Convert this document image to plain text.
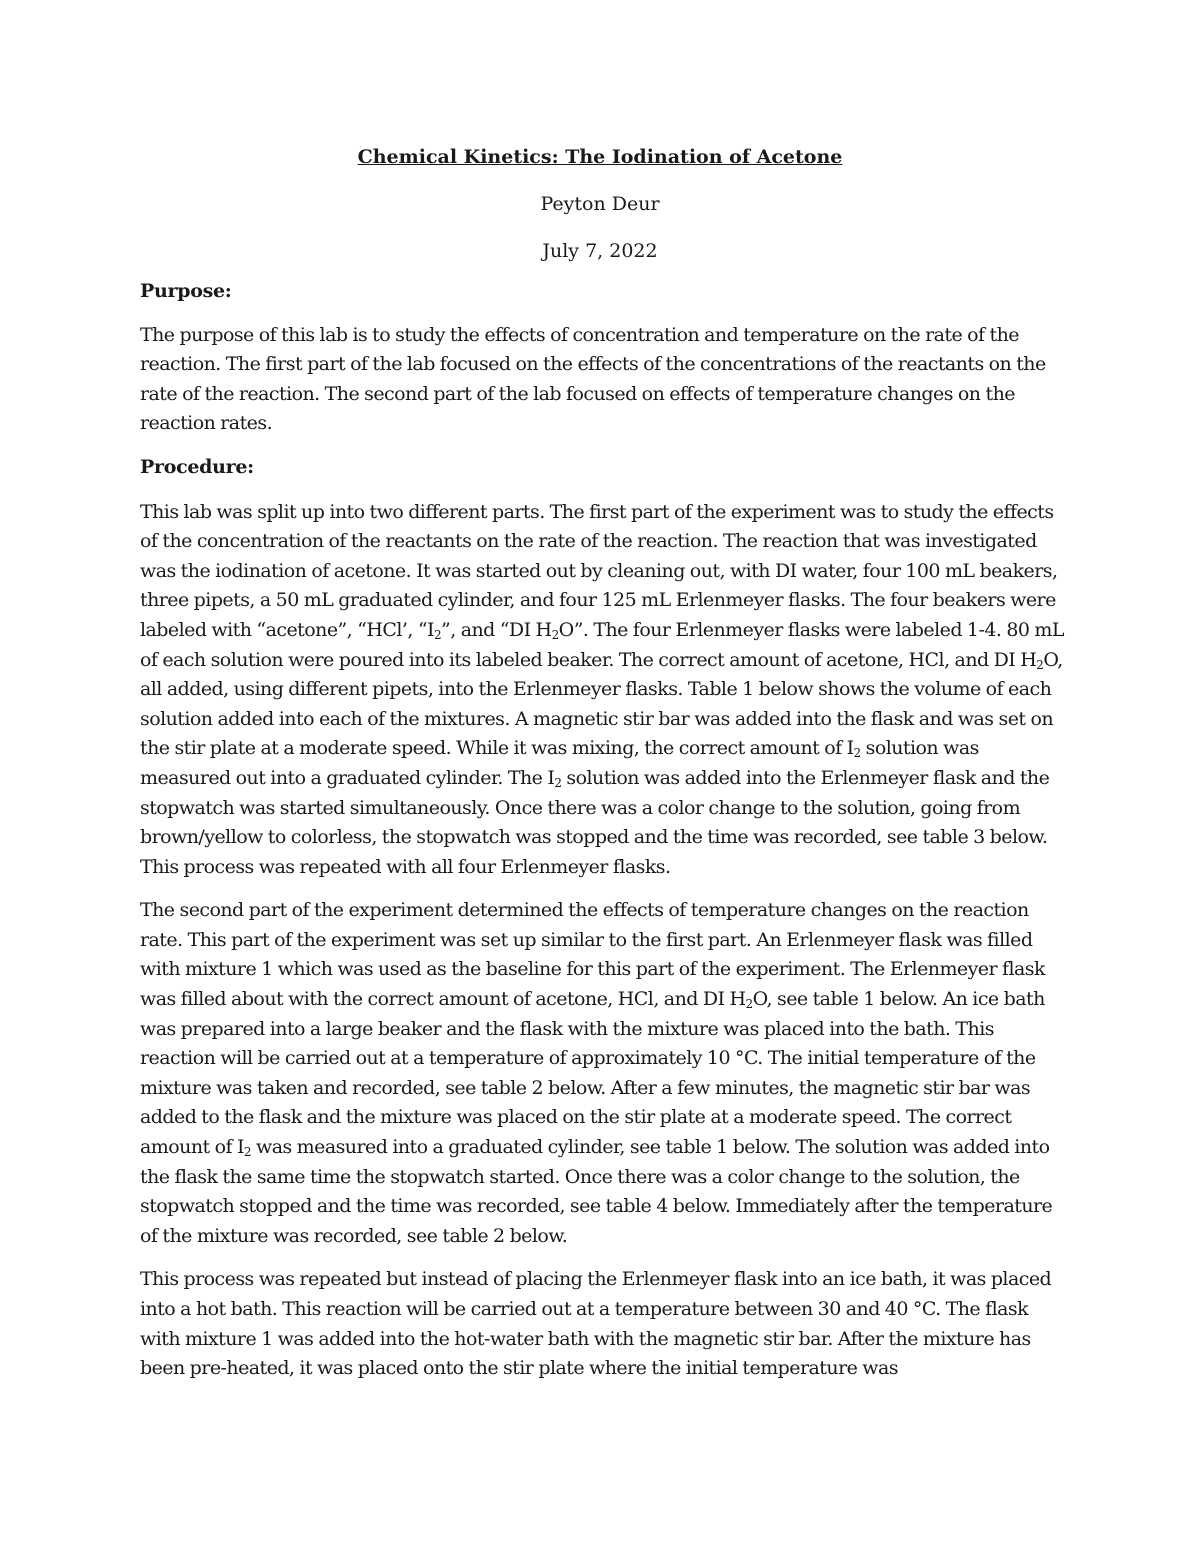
Chemical Kinetics: The Iodination of Acetone

Peyton Deur

July 7, 2022

Purpose:

The purpose of this lab is to study the effects of concentration and temperature on the rate of the reaction. The first part of the lab focused on the effects of the concentrations of the reactants on the rate of the reaction. The second part of the lab focused on effects of temperature changes on the reaction rates.

Procedure:

This lab was split up into two different parts. The first part of the experiment was to study the effects of the concentration of the reactants on the rate of the reaction. The reaction that was investigated was the iodination of acetone. It was started out by cleaning out, with DI water, four 100 mL beakers, three pipets, a 50 mL graduated cylinder, and four 125 mL Erlenmeyer flasks. The four beakers were labeled with “acetone”, “HCl’, “$I_2$”, and “DI $H_2O$”. The four Erlenmeyer flasks were labeled 1-4. 80 mL of each solution were poured into its labeled beaker. The correct amount of acetone, HCl, and DI $H_2O$, all added, using different pipets, into the Erlenmeyer flasks. Table 1 below shows the volume of each solution added into each of the mixtures. A magnetic stir bar was added into the flask and was set on the stir plate at a moderate speed. While it was mixing, the correct amount of $I_2$ solution was measured out into a graduated cylinder. The $I_2$ solution was added into the Erlenmeyer flask and the stopwatch was started simultaneously. Once there was a color change to the solution, going from brown/yellow to colorless, the stopwatch was stopped and the time was recorded, see table 3 below. This process was repeated with all four Erlenmeyer flasks.

The second part of the experiment determined the effects of temperature changes on the reaction rate. This part of the experiment was set up similar to the first part. An Erlenmeyer flask was filled with mixture 1 which was used as the baseline for this part of the experiment. The Erlenmeyer flask was filled about with the correct amount of acetone, HCl, and DI $H_2O$, see table 1 below. An ice bath was prepared into a large beaker and the flask with the mixture was placed into the bath. This reaction will be carried out at a temperature of approximately 10 °C. The initial temperature of the mixture was taken and recorded, see table 2 below. After a few minutes, the magnetic stir bar was added to the flask and the mixture was placed on the stir plate at a moderate speed. The correct amount of $I_2$ was measured into a graduated cylinder, see table 1 below. The solution was added into the flask the same time the stopwatch started. Once there was a color change to the solution, the stopwatch stopped and the time was recorded, see table 4 below. Immediately after the temperature of the mixture was recorded, see table 2 below.

This process was repeated but instead of placing the Erlenmeyer flask into an ice bath, it was placed into a hot bath. This reaction will be carried out at a temperature between 30 and 40 °C. The flask with mixture 1 was added into the hot-water bath with the magnetic stir bar. After the mixture has been pre-heated, it was placed onto the stir plate where the initial temperature was
